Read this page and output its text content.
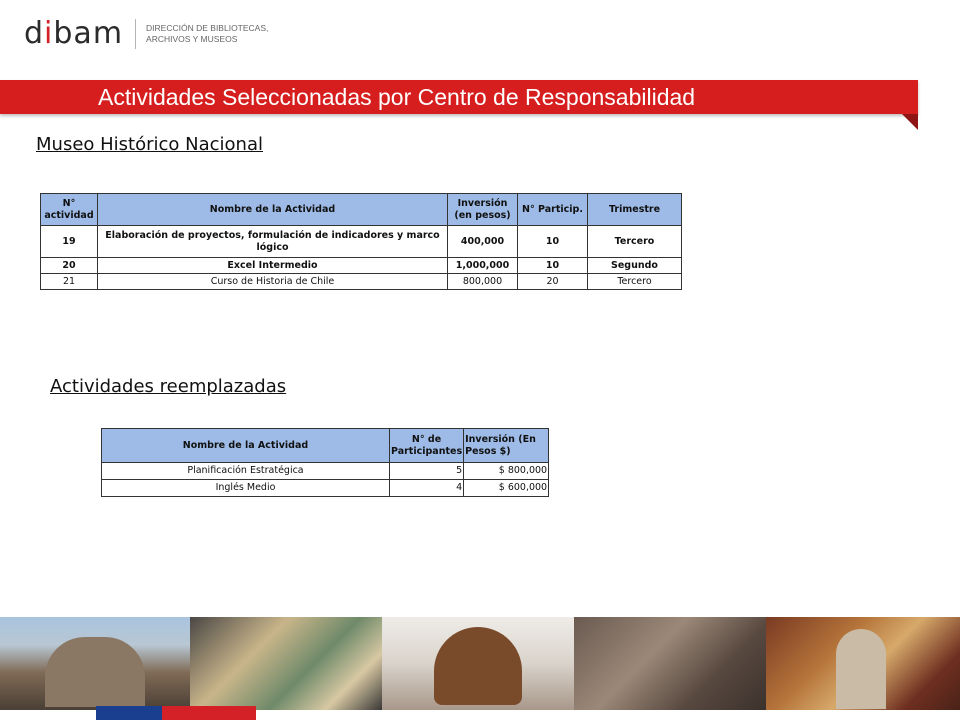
dibam	DIRECCIÓN DE BIBLIOTECAS,
ARCHIVOS Y MUSEOS
Actividades Seleccionadas por Centro de Responsabilidad
Museo Histórico Nacional
N° actividad	Nombre de la Actividad	Inversión (en pesos)	N° Particip.	Trimestre
19	Elaboración de proyectos, formulación de indicadores y marco lógico	400,000	10	Tercero
20	Excel Intermedio	1,000,000	10	Segundo
21	Curso de Historia de Chile	800,000	20	Tercero
Actividades reemplazadas
Nombre de la Actividad	N° de Participantes	Inversión (En Pesos $)
Planificación Estratégica	5	$ 800,000
Inglés Medio	4	$ 600,000
